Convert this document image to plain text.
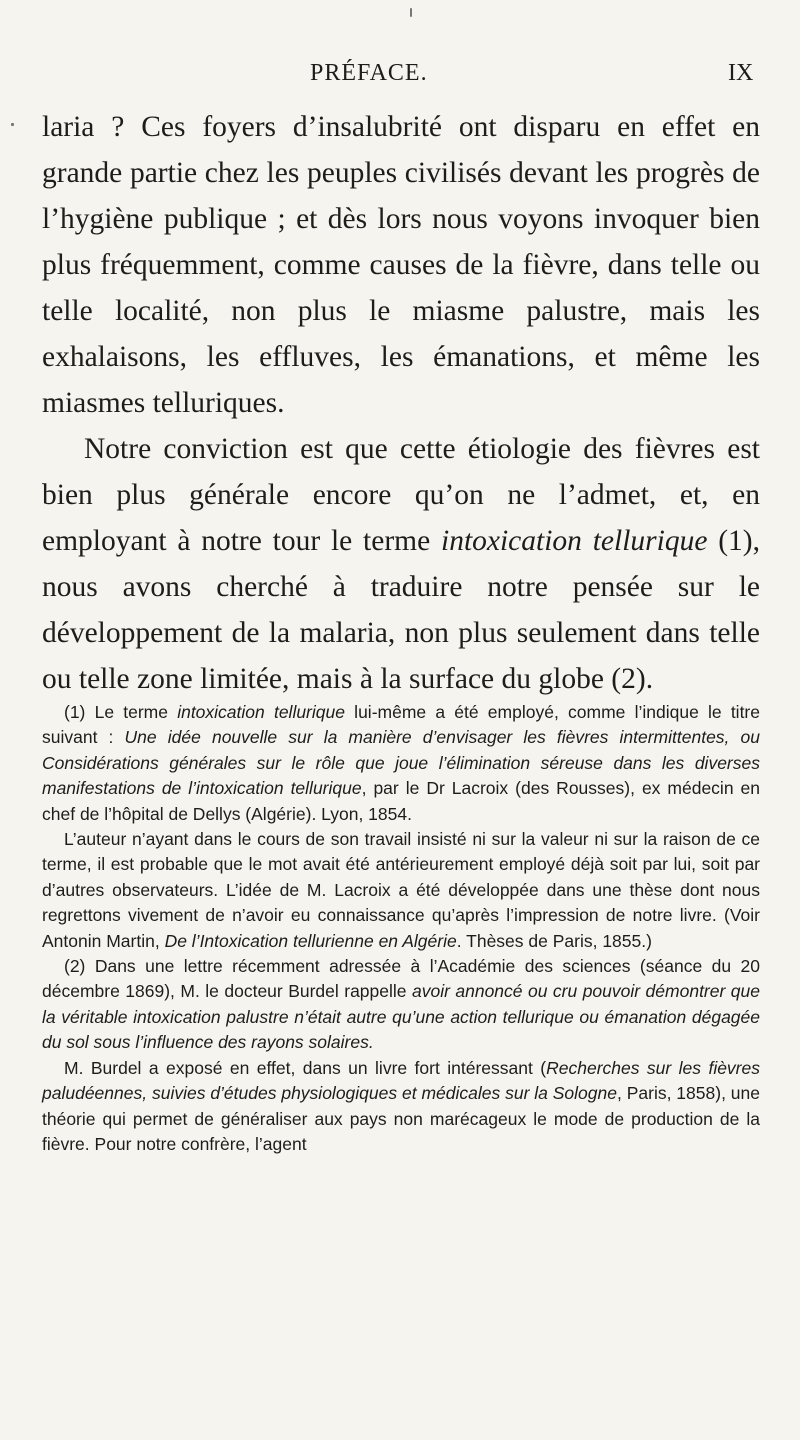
PRÉFACE.	IX

laria ? Ces foyers d’insalubrité ont disparu en effet en grande partie chez les peuples civilisés devant les progrès de l’hygiène publique ; et dès lors nous voyons invoquer bien plus fréquemment, comme causes de la fièvre, dans telle ou telle localité, non plus le miasme palustre, mais les exhalaisons, les effluves, les émanations, et même les miasmes telluriques.

Notre conviction est que cette étiologie des fièvres est bien plus générale encore qu’on ne l’admet, et, en employant à notre tour le terme intoxication tellurique (1), nous avons cherché à traduire notre pensée sur le développement de la malaria, non plus seulement dans telle ou telle zone limitée, mais à la surface du globe (2).

(1) Le terme intoxication tellurique lui-même a été employé, comme l’indique le titre suivant : Une idée nouvelle sur la manière d’envisager les fièvres intermittentes, ou Considérations générales sur le rôle que joue l’élimination séreuse dans les diverses manifestations de l’intoxication tellurique, par le Dr Lacroix (des Rousses), ex médecin en chef de l’hôpital de Dellys (Algérie). Lyon, 1854.

L’auteur n’ayant dans le cours de son travail insisté ni sur la valeur ni sur la raison de ce terme, il est probable que le mot avait été antérieurement employé déjà soit par lui, soit par d’autres observateurs. L’idée de M. Lacroix a été développée dans une thèse dont nous regrettons vivement de n’avoir eu connaissance qu’après l’impression de notre livre. (Voir Antonin Martin, De l’Intoxication tellurienne en Algérie. Thèses de Paris, 1855.)

(2) Dans une lettre récemment adressée à l’Académie des sciences (séance du 20 décembre 1869), M. le docteur Burdel rappelle avoir annoncé ou cru pouvoir démontrer que la véritable intoxication palustre n’était autre qu’une action tellurique ou émanation dégagée du sol sous l’influence des rayons solaires.

M. Burdel a exposé en effet, dans un livre fort intéressant (Recherches sur les fièvres paludéennes, suivies d’études physiologiques et médicales sur la Sologne, Paris, 1858), une théorie qui permet de généraliser aux pays non marécageux le mode de production de la fièvre. Pour notre confrère, l’agent
